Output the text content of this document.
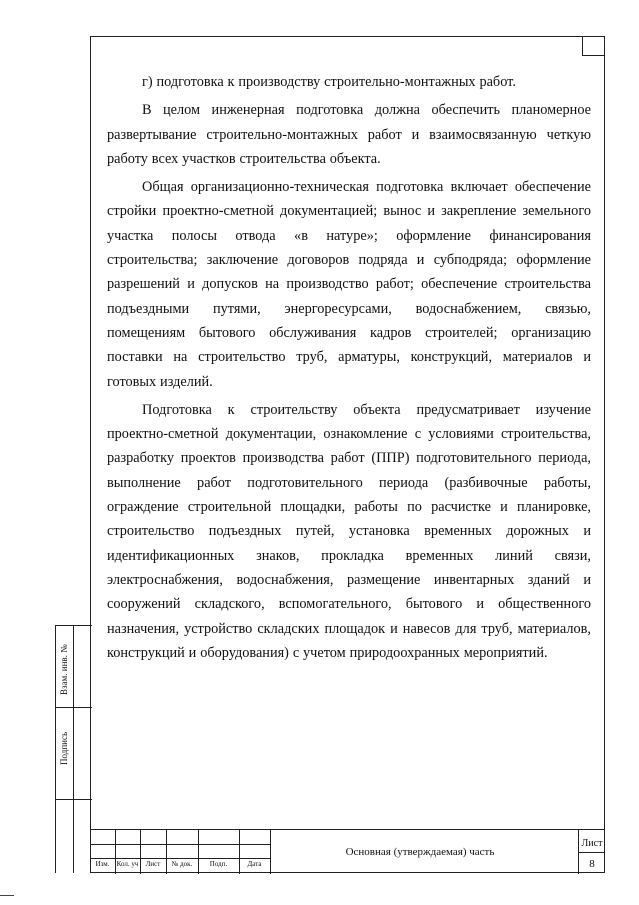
г) подготовка к производству строительно-монтажных работ.

В целом инженерная подготовка должна обеспечить планомерное развертывание строительно-монтажных работ и взаимосвязанную четкую работу всех участков строительства объекта.

Общая организационно-техническая подготовка включает обеспечение стройки проектно-сметной документацией; вынос и закрепление земельного участка полосы отвода «в натуре»; оформление финансирования строительства; заключение договоров подряда и субподряда; оформление разрешений и допусков на производство работ; обеспечение строительства подъездными путями, энергоресурсами, водоснабжением, связью, помещениям бытового обслуживания кадров строителей; организацию поставки на строительство труб, арматуры, конструкций, материалов и готовых изделий.

Подготовка к строительству объекта предусматривает изучение проектно-сметной документации, ознакомление с условиями строительства, разработку проектов производства работ (ППР) подготовительного периода, выполнение работ подготовительного периода (разбивочные работы, ограждение строительной площадки, работы по расчистке и планировке, строительство подъездных путей, установка временных дорожных и идентификационных знаков, прокладка временных линий связи, электроснабжения, водоснабжения, размещение инвентарных зданий и сооружений складского, вспомогательного, бытового и общественного назначения, устройство складских площадок и навесов для труб, материалов, конструкций и оборудования) с учетом природоохранных мероприятий.

Взам. инв. №
Подпись
Изм.	Кол. уч	Лист	№ док.	Подп.	Дата
Основная (утверждаемая) часть
Лист
8
